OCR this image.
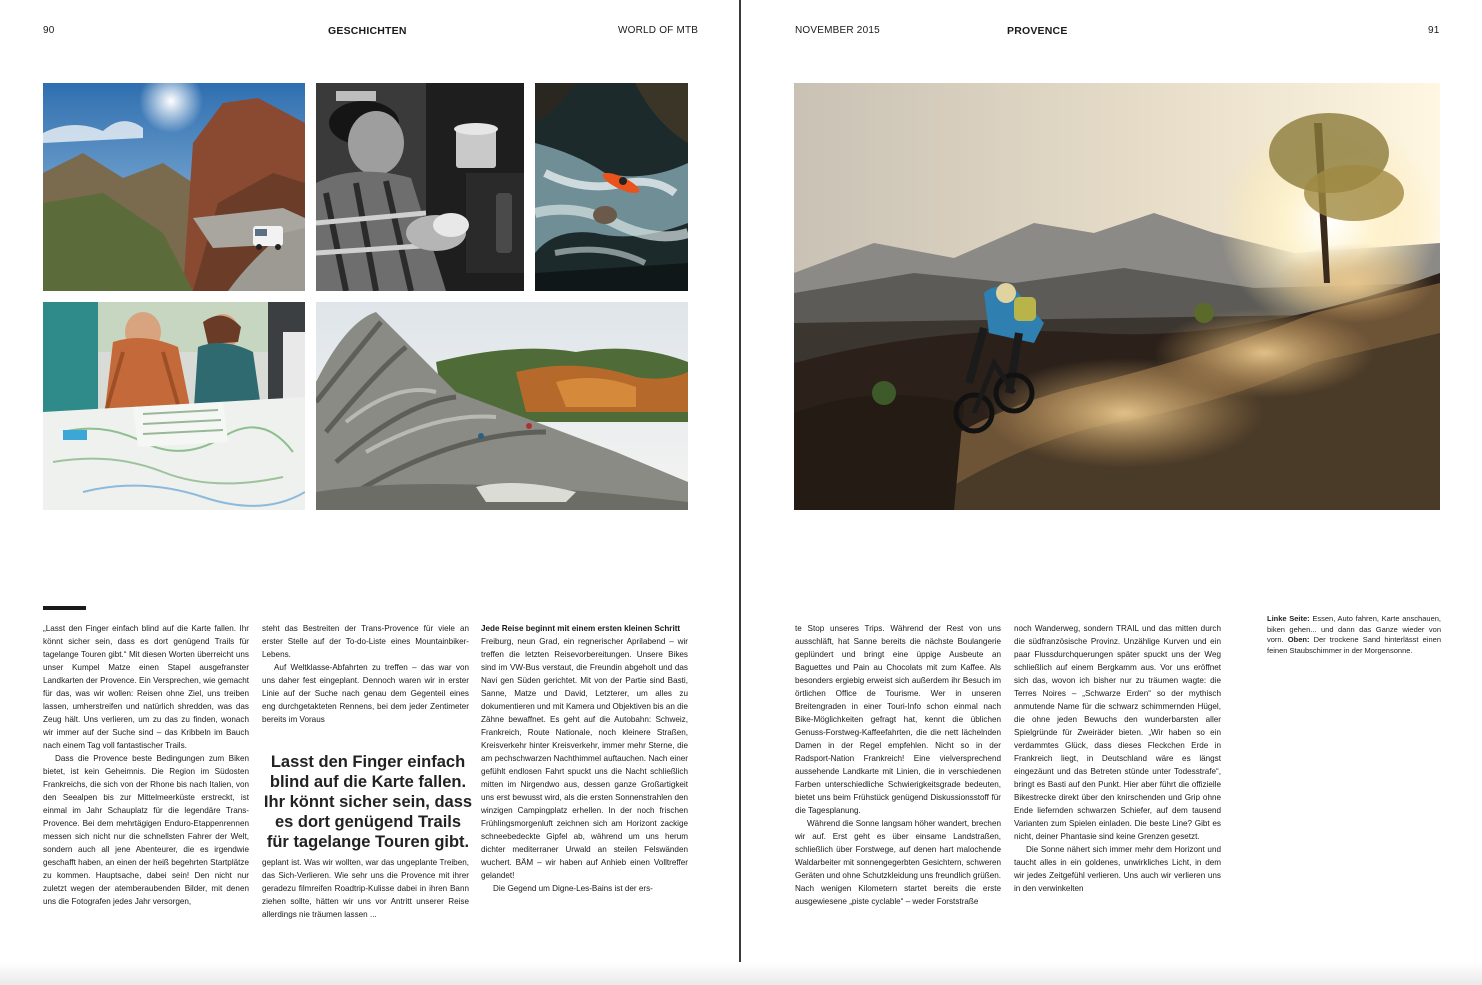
90	GESCHICHTEN	WORLD OF MTB	NOVEMBER 2015	PROVENCE	91

„Lasst den Finger einfach blind auf die Karte fallen. Ihr könnt sicher sein, dass es dort genügend Trails für tagelange Touren gibt.“ Mit diesen Worten überreicht uns unser Kumpel Matze einen Stapel ausgefranster Landkarten der Provence. Ein Versprechen, wie gemacht für das, was wir wollen: Reisen ohne Ziel, uns treiben lassen, umherstreifen und natürlich shredden, was das Zeug hält. Uns verlieren, um zu das zu finden, wonach wir immer auf der Suche sind – das Kribbeln im Bauch nach einem Tag voll fantastischer Trails.

Dass die Provence beste Bedingungen zum Biken bietet, ist kein Geheimnis. Die Region im Südosten Frankreichs, die sich von der Rhone bis nach Italien, von den Seealpen bis zur Mittelmeerküste erstreckt, ist einmal im Jahr Schauplatz für die legendäre Trans-Provence. Bei dem mehrtägigen Enduro-Etappenrennen messen sich nicht nur die schnellsten Fahrer der Welt, sondern auch all jene Abenteurer, die es irgendwie geschafft haben, an einen der heiß begehrten Startplätze zu kommen. Hauptsache, dabei sein! Den nicht nur zuletzt wegen der atemberaubenden Bilder, mit denen uns die Fotografen jedes Jahr versorgen,

steht das Bestreiten der Trans-Provence für viele an erster Stelle auf der To-do-Liste eines Mountainbiker-Lebens.

Auf Weltklasse-Abfahrten zu treffen – das war von uns daher fest eingeplant. Dennoch waren wir in erster Linie auf der Suche nach genau dem Gegenteil eines eng durchgetakteten Rennens, bei dem jeder Zentimeter bereits im Voraus

geplant ist. Was wir wollten, war das ungeplante Treiben, das Sich-Verlieren. Wie sehr uns die Provence mit ihrer geradezu filmreifen Roadtrip-Kulisse dabei in ihren Bann ziehen sollte, hätten wir uns vor Antritt unserer Reise allerdings nie träumen lassen ...

Lasst den Finger einfach blind auf die Karte fallen. Ihr könnt sicher sein, dass es dort genügend Trails für tagelange Touren gibt.

Jede Reise beginnt mit einem ersten kleinen Schritt

Freiburg, neun Grad, ein regnerischer Aprilabend – wir treffen die letzten Reisevorbereitungen. Unsere Bikes sind im VW-Bus verstaut, die Freundin abgeholt und das Navi gen Süden gerichtet. Mit von der Partie sind Basti, Sanne, Matze und David, Letzterer, um alles zu dokumentieren und mit Kamera und Objektiven bis an die Zähne bewaffnet. Es geht auf die Autobahn: Schweiz, Frankreich, Route Nationale, noch kleinere Straßen, Kreisverkehr hinter Kreisverkehr, immer mehr Sterne, die am pechschwarzen Nachthimmel auftauchen. Nach einer gefühlt endlosen Fahrt spuckt uns die Nacht schließlich mitten im Nirgendwo aus, dessen ganze Großartigkeit uns erst bewusst wird, als die ersten Sonnenstrahlen den winzigen Campingplatz erhellen. In der noch frischen Frühlingsmorgenluft zeichnen sich am Horizont zackige schneebedeckte Gipfel ab, während um uns herum dichter mediterraner Urwald an steilen Felswänden wuchert. BÄM – wir haben auf Anhieb einen Volltreffer gelandet!

Die Gegend um Digne-Les-Bains ist der ers-

te Stop unseres Trips. Während der Rest von uns ausschläft, hat Sanne bereits die nächste Boulangerie geplündert und bringt eine üppige Ausbeute an Baguettes und Pain au Chocolats mit zum Kaffee. Als besonders ergiebig erweist sich außerdem ihr Besuch im örtlichen Office de Tourisme. Wer in unseren Breitengraden in einer Touri-Info schon einmal nach Bike-Möglichkeiten gefragt hat, kennt die üblichen Genuss-Forstweg-Kaffeefahrten, die die nett lächelnden Damen in der Regel empfehlen. Nicht so in der Radsport-Nation Frankreich! Eine vielversprechend aussehende Landkarte mit Linien, die in verschiedenen Farben unterschiedliche Schwierigkeitsgrade bedeuten, bietet uns beim Frühstück genügend Diskussionsstoff für die Tagesplanung.

Während die Sonne langsam höher wandert, brechen wir auf. Erst geht es über einsame Landstraßen, schließlich über Forstwege, auf denen hart malochende Waldarbeiter mit sonnengegerbten Gesichtern, schweren Geräten und ohne Schutzkleidung uns freundlich grüßen. Nach wenigen Kilometern startet bereits die erste ausgewiesene „piste cyclable“ – weder Forststraße

noch Wanderweg, sondern TRAIL und das mitten durch die südfranzösische Provinz. Unzählige Kurven und ein paar Flussdurchquerungen später spuckt uns der Weg schließlich auf einem Bergkamm aus. Vor uns eröffnet sich das, wovon ich bisher nur zu träumen wagte: die Terres Noires – „Schwarze Erden“ so der mythisch anmutende Name für die schwarz schimmernden Hügel, die ohne jeden Bewuchs den wunderbarsten aller Spielgründe für Zweiräder bieten. „Wir haben so ein verdammtes Glück, dass dieses Fleckchen Erde in Frankreich liegt, in Deutschland wäre es längst eingezäunt und das Betreten stünde unter Todesstrafe“, bringt es Basti auf den Punkt. Hier aber führt die offizielle Bikestrecke direkt über den knirschenden und Grip ohne Ende liefernden schwarzen Schiefer, auf dem tausend Varianten zum Spielen einladen. Die beste Line? Gibt es nicht, deiner Phantasie sind keine Grenzen gesetzt.

Die Sonne nähert sich immer mehr dem Horizont und taucht alles in ein goldenes, unwirkliches Licht, in dem wir jedes Zeitgefühl verlieren. Uns auch wir verlieren uns in den verwinkelten

Linke Seite: Essen, Auto fahren, Karte anschauen, biken gehen... und dann das Ganze wieder von vorn. Oben: Der trockene Sand hinterlässt einen feinen Staubschimmer in der Morgensonne.
